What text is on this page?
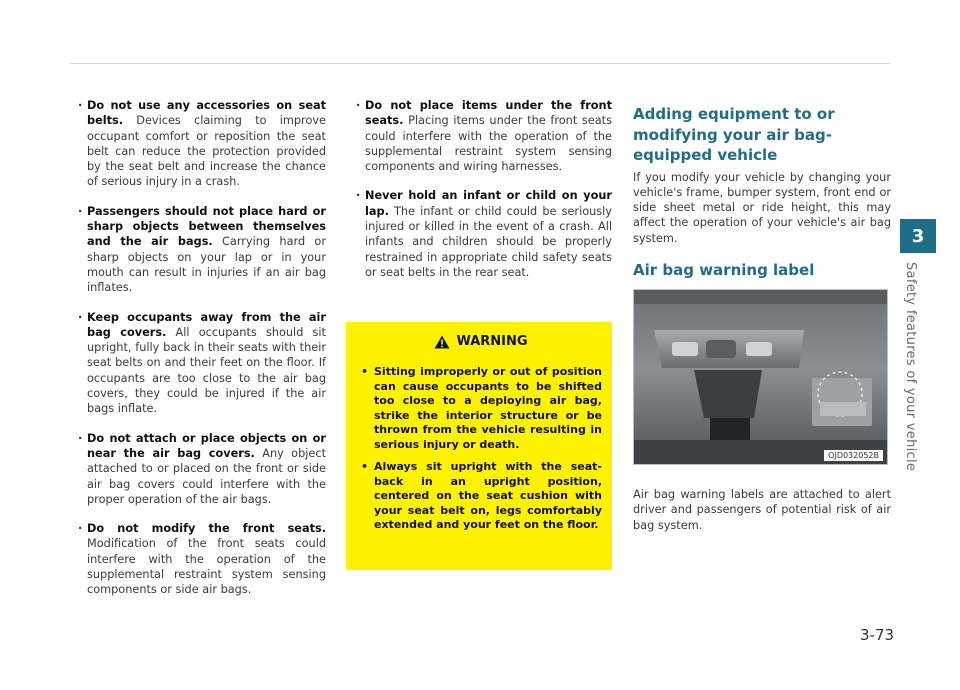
· Do not use any accessories on seat belts. Devices claiming to improve occupant comfort or reposition the seat belt can reduce the protection provided by the seat belt and increase the chance of serious injury in a crash.

· Passengers should not place hard or sharp objects between themselves and the air bags. Carrying hard or sharp objects on your lap or in your mouth can result in injuries if an air bag inflates.

· Keep occupants away from the air bag covers. All occupants should sit upright, fully back in their seats with their seat belts on and their feet on the floor. If occupants are too close to the air bag covers, they could be injured if the air bags inflate.

· Do not attach or place objects on or near the air bag covers. Any object attached to or placed on the front or side air bag covers could interfere with the proper operation of the air bags.

· Do not modify the front seats. Modification of the front seats could interfere with the operation of the supplemental restraint system sensing components or side air bags.

· Do not place items under the front seats. Placing items under the front seats could interfere with the operation of the supplemental restraint system sensing components and wiring harnesses.

· Never hold an infant or child on your lap. The infant or child could be seriously injured or killed in the event of a crash. All infants and children should be properly restrained in appropriate child safety seats or seat belts in the rear seat.

WARNING

• Sitting improperly or out of position can cause occupants to be shifted too close to a deploying air bag, strike the interior structure or be thrown from the vehicle resulting in serious injury or death.

• Always sit upright with the seat-back in an upright position, centered on the seat cushion with your seat belt on, legs comfortably extended and your feet on the floor.

Adding equipment to or modifying your air bag-equipped vehicle

If you modify your vehicle by changing your vehicle's frame, bumper system, front end or side sheet metal or ride height, this may affect the operation of your vehicle's air bag system.

Air bag warning label
OJD032052B

Air bag warning labels are attached to alert driver and passengers of potential risk of air bag system.

3
Safety features of your vehicle
3-73
